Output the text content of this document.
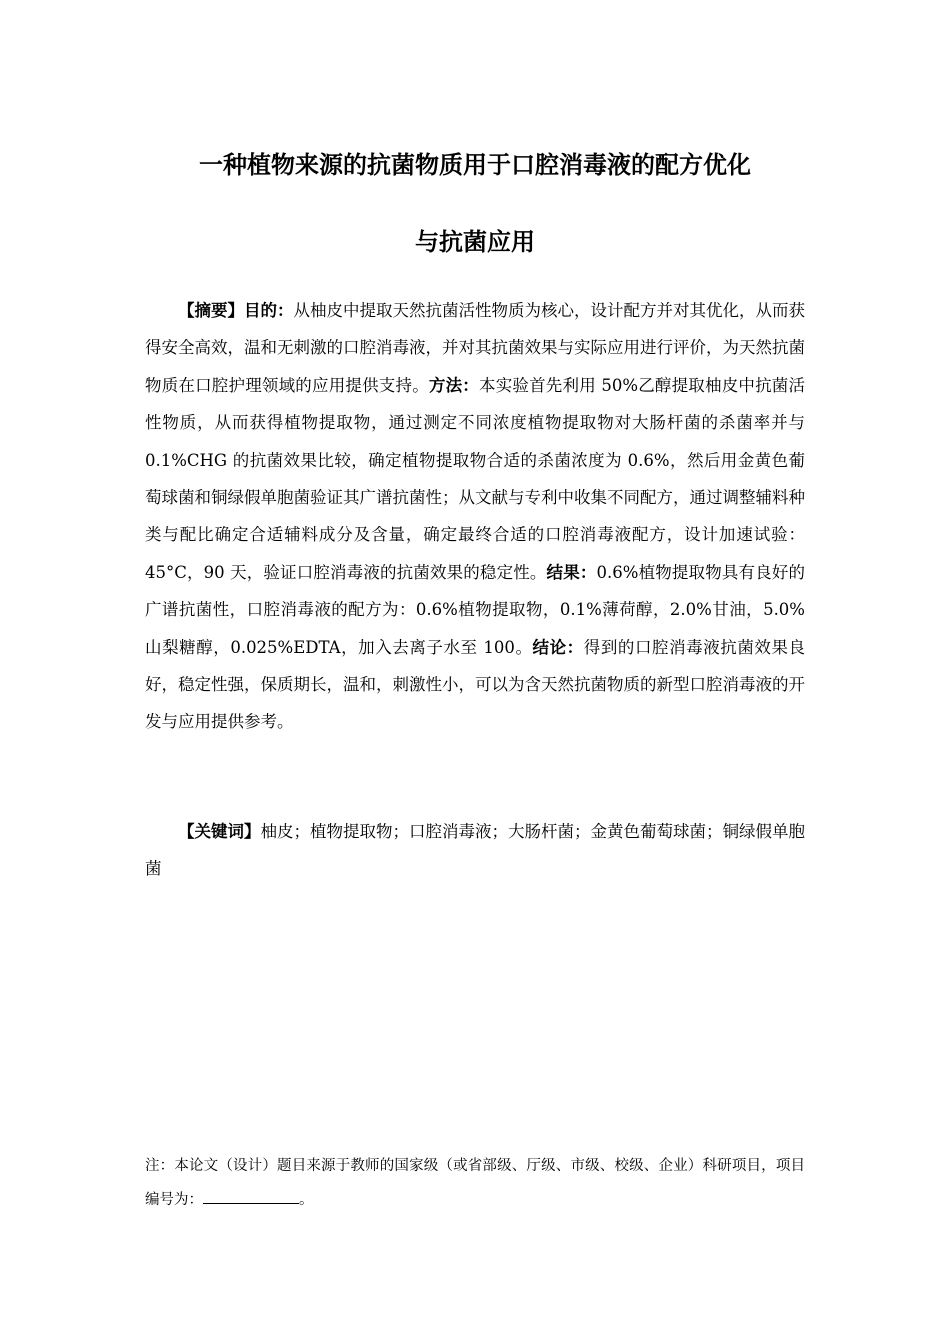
一种植物来源的抗菌物质用于口腔消毒液的配方优化
与抗菌应用

【摘要】目的：从柚皮中提取天然抗菌活性物质为核心，设计配方并对其优化，从而获得安全高效，温和无刺激的口腔消毒液，并对其抗菌效果与实际应用进行评价，为天然抗菌物质在口腔护理领域的应用提供支持。方法：本实验首先利用 50%乙醇提取柚皮中抗菌活性物质，从而获得植物提取物，通过测定不同浓度植物提取物对大肠杆菌的杀菌率并与 0.1%CHG 的抗菌效果比较，确定植物提取物合适的杀菌浓度为 0.6%，然后用金黄色葡萄球菌和铜绿假单胞菌验证其广谱抗菌性；从文献与专利中收集不同配方，通过调整辅料种类与配比确定合适辅料成分及含量，确定最终合适的口腔消毒液配方，设计加速试验：45°C，90 天，验证口腔消毒液的抗菌效果的稳定性。结果：0.6%植物提取物具有良好的广谱抗菌性，口腔消毒液的配方为：0.6%植物提取物，0.1%薄荷醇，2.0%甘油，5.0%山梨糖醇，0.025%EDTA，加入去离子水至 100。结论：得到的口腔消毒液抗菌效果良好，稳定性强，保质期长，温和，刺激性小，可以为含天然抗菌物质的新型口腔消毒液的开发与应用提供参考。

【关键词】柚皮；植物提取物；口腔消毒液；大肠杆菌；金黄色葡萄球菌；铜绿假单胞菌

注：本论文（设计）题目来源于教师的国家级（或省部级、厅级、市级、校级、企业）科研项目，项目编号为：	。
